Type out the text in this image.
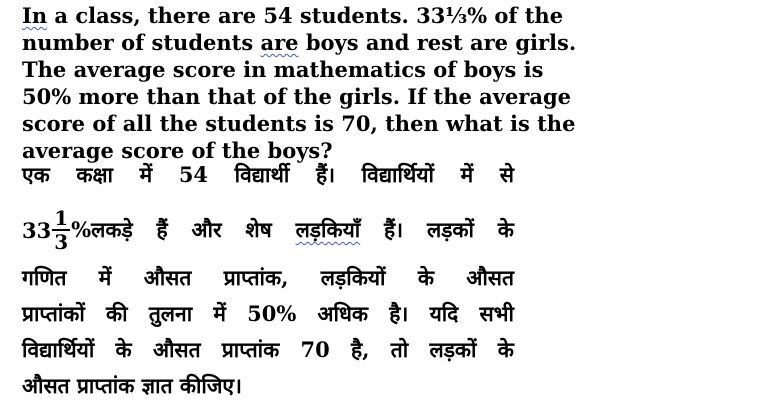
In a class, there are 54 students. 33⅓% of the
number of students are boys and rest are girls.
The average score in mathematics of boys is
50% more than that of the girls. If the average
score of all the students is 70, then what is the
average score of the boys?
एक कक्षा में 54 विद्यार्थी हैं। विद्यार्थियों में से
$33 \frac{1}{3}$ %लकड़े हैं और शेष लड़कियाँ हैं। लड़कों के
गणित में औसत प्राप्तांक, लड़कियों के औसत
प्राप्तांकों की तुलना में 50% अधिक है। यदि सभी
विद्यार्थियों के औसत प्राप्तांक 70 है, तो लड़कों के
औसत प्राप्तांक ज्ञात कीजिए।
